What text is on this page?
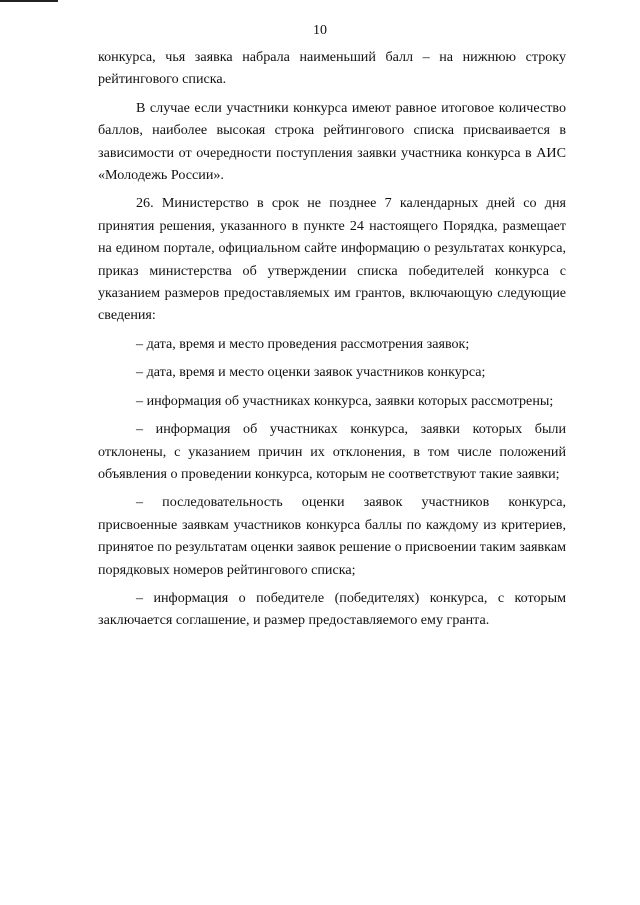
10

конкурса, чья заявка набрала наименьший балл – на нижнюю строку рейтингового списка.

В случае если участники конкурса имеют равное итоговое количество баллов, наиболее высокая строка рейтингового списка присваивается в зависимости от очередности поступления заявки участника конкурса в АИС «Молодежь России».

26. Министерство в срок не позднее 7 календарных дней со дня принятия решения, указанного в пункте 24 настоящего Порядка, размещает на едином портале, официальном сайте информацию о результатах конкурса, приказ министерства об утверждении списка победителей конкурса с указанием размеров предоставляемых им грантов, включающую следующие сведения:

– дата, время и место проведения рассмотрения заявок;

– дата, время и место оценки заявок участников конкурса;

– информация об участниках конкурса, заявки которых рассмотрены;

– информация об участниках конкурса, заявки которых были отклонены, с указанием причин их отклонения, в том числе положений объявления о проведении конкурса, которым не соответствуют такие заявки;

– последовательность оценки заявок участников конкурса, присвоенные заявкам участников конкурса баллы по каждому из критериев, принятое по результатам оценки заявок решение о присвоении таким заявкам порядковых номеров рейтингового списка;

– информация о победителе (победителях) конкурса, с которым заключается соглашение, и размер предоставляемого ему гранта.
